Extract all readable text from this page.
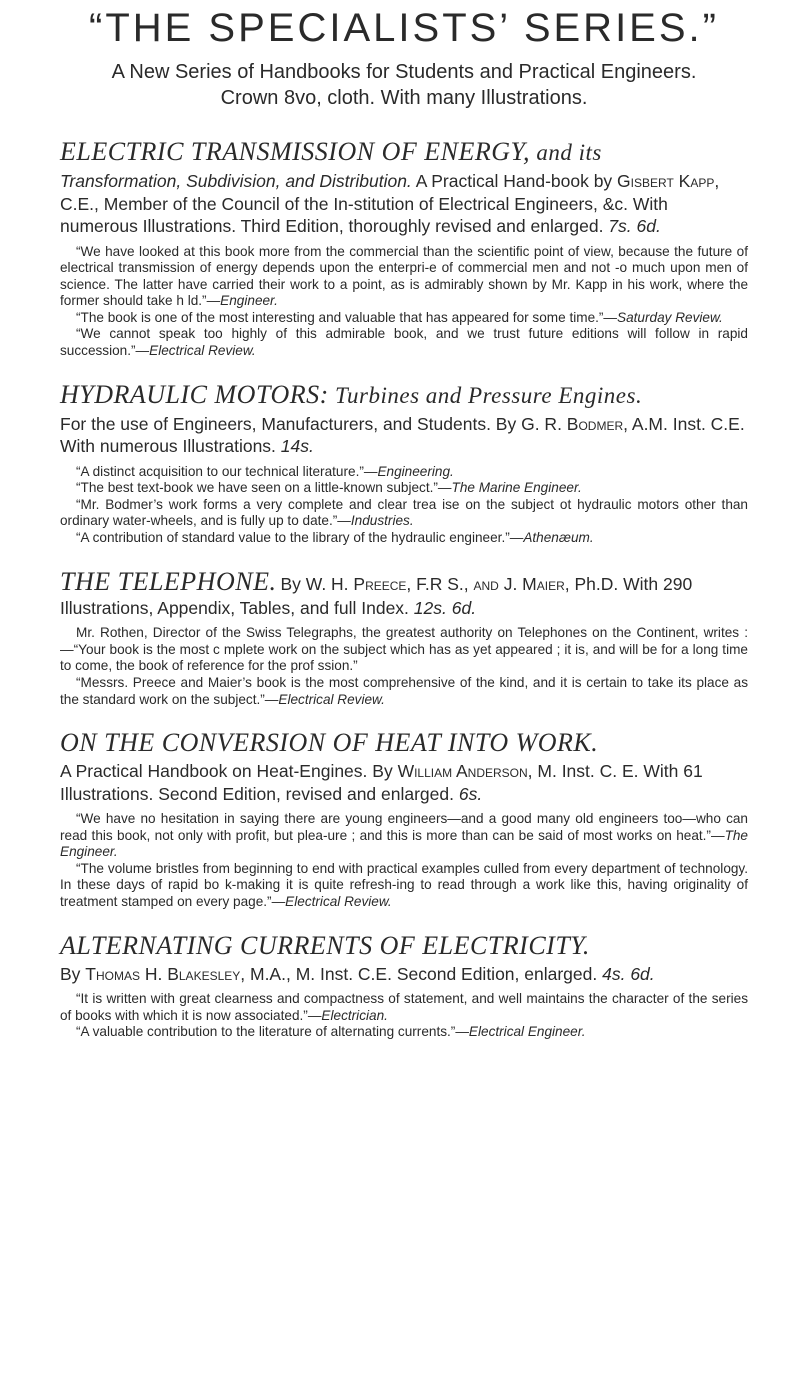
“THE SPECIALISTS’ SERIES.”

A New Series of Handbooks for Students and Practical Engineers.

Crown 8vo, cloth. With many Illustrations.

ELECTRIC TRANSMISSION OF ENERGY, and its
Transformation, Subdivision, and Distribution. A Practical Hand-book by Gisbert Kapp, C.E., Member of the Council of the In-stitution of Electrical Engineers, &c. With numerous Illustrations. Third Edition, thoroughly revised and enlarged. 7s. 6d.
“We have looked at this book more from the commercial than the scientific point of view, because the future of electrical transmission of energy depends upon the enterpri-e of commercial men and not -o much upon men of science. The latter have carried their work to a point, as is admirably shown by Mr. Kapp in his work, where the former should take h ld.”—Engineer.
“The book is one of the most interesting and valuable that has appeared for some time.”—Saturday Review.
“We cannot speak too highly of this admirable book, and we trust future editions will follow in rapid succession.”—Electrical Review.
HYDRAULIC MOTORS: Turbines and Pressure Engines.
For the use of Engineers, Manufacturers, and Students. By G. R. Bodmer, A.M. Inst. C.E. With numerous Illustrations. 14s.
“A distinct acquisition to our technical literature.”—Engineering.
“The best text-book we have seen on a little-known subject.”—The Marine Engineer.
“Mr. Bodmer’s work forms a very complete and clear trea ise on the subject ot hydraulic motors other than ordinary water-wheels, and is fully up to date.”—Industries.
“A contribution of standard value to the library of the hydraulic engineer.”—Athenæum.
THE TELEPHONE. By W. H. Preece, F.R S., and J. Maier, Ph.D. With 290 Illustrations, Appendix, Tables, and full Index. 12s. 6d.
Mr. Rothen, Director of the Swiss Telegraphs, the greatest authority on Telephones on the Continent, writes :—“Your book is the most c mplete work on the subject which has as yet appeared ; it is, and will be for a long time to come, the book of reference for the prof ssion.”
“Messrs. Preece and Maier’s book is the most comprehensive of the kind, and it is certain to take its place as the standard work on the subject.”—Electrical Review.
ON THE CONVERSION OF HEAT INTO WORK.
A Practical Handbook on Heat-Engines. By William Anderson, M. Inst. C. E. With 61 Illustrations. Second Edition, revised and enlarged. 6s.
“We have no hesitation in saying there are young engineers—and a good many old engineers too—who can read this book, not only with profit, but plea-ure ; and this is more than can be said of most works on heat.”—The Engineer.
“The volume bristles from beginning to end with practical examples culled from every department of technology. In these days of rapid bo k-making it is quite refresh-ing to read through a work like this, having originality of treatment stamped on every page.”—Electrical Review.
ALTERNATING CURRENTS OF ELECTRICITY.
By Thomas H. Blakesley, M.A., M. Inst. C.E. Second Edition, enlarged. 4s. 6d.
“It is written with great clearness and compactness of statement, and well maintains the character of the series of books with which it is now associated.”—Electrician.
“A valuable contribution to the literature of alternating currents.”—Electrical Engineer.
